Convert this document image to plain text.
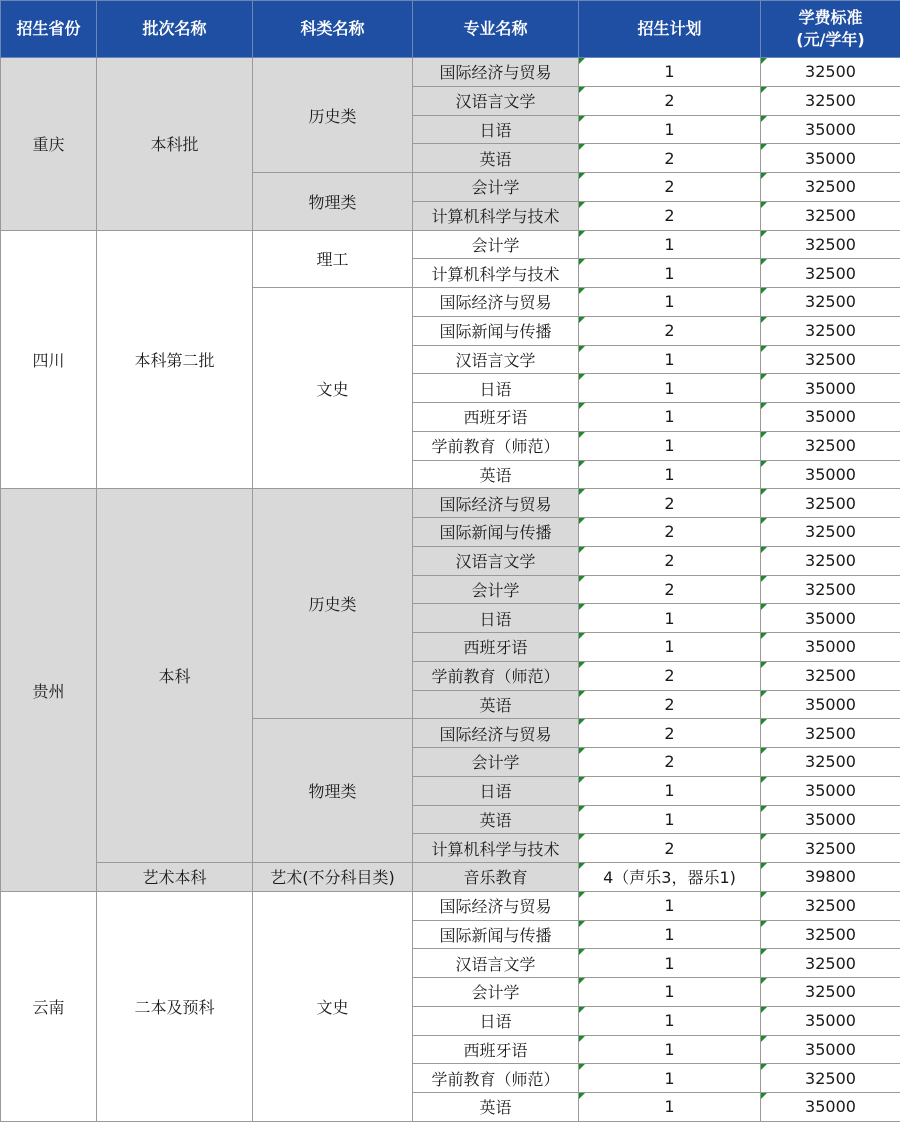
招生省份	批次名称	科类名称	专业名称	招生计划	学费标准
(元/学年)
重庆	本科批	历史类	国际经济与贸易	1	32500
			汉语言文学	2	32500
			日语	1	35000
			英语	2	35000
		物理类	会计学	2	32500
			计算机科学与技术	2	32500
四川	本科第二批	理工	会计学	1	32500
			计算机科学与技术	1	32500
		文史	国际经济与贸易	1	32500
			国际新闻与传播	2	32500
			汉语言文学	1	32500
			日语	1	35000
			西班牙语	1	35000
			学前教育（师范）	1	32500
			英语	1	35000
贵州	本科	历史类	国际经济与贸易	2	32500
			国际新闻与传播	2	32500
			汉语言文学	2	32500
			会计学	2	32500
			日语	1	35000
			西班牙语	1	35000
			学前教育（师范）	2	32500
			英语	2	35000
		物理类	国际经济与贸易	2	32500
			会计学	2	32500
			日语	1	35000
			英语	1	35000
			计算机科学与技术	2	32500
	艺术本科	艺术(不分科目类)	音乐教育	4（声乐3，器乐1)	39800
云南	二本及预科	文史	国际经济与贸易	1	32500
			国际新闻与传播	1	32500
			汉语言文学	1	32500
			会计学	1	32500
			日语	1	35000
			西班牙语	1	35000
			学前教育（师范）	1	32500
			英语	1	35000
